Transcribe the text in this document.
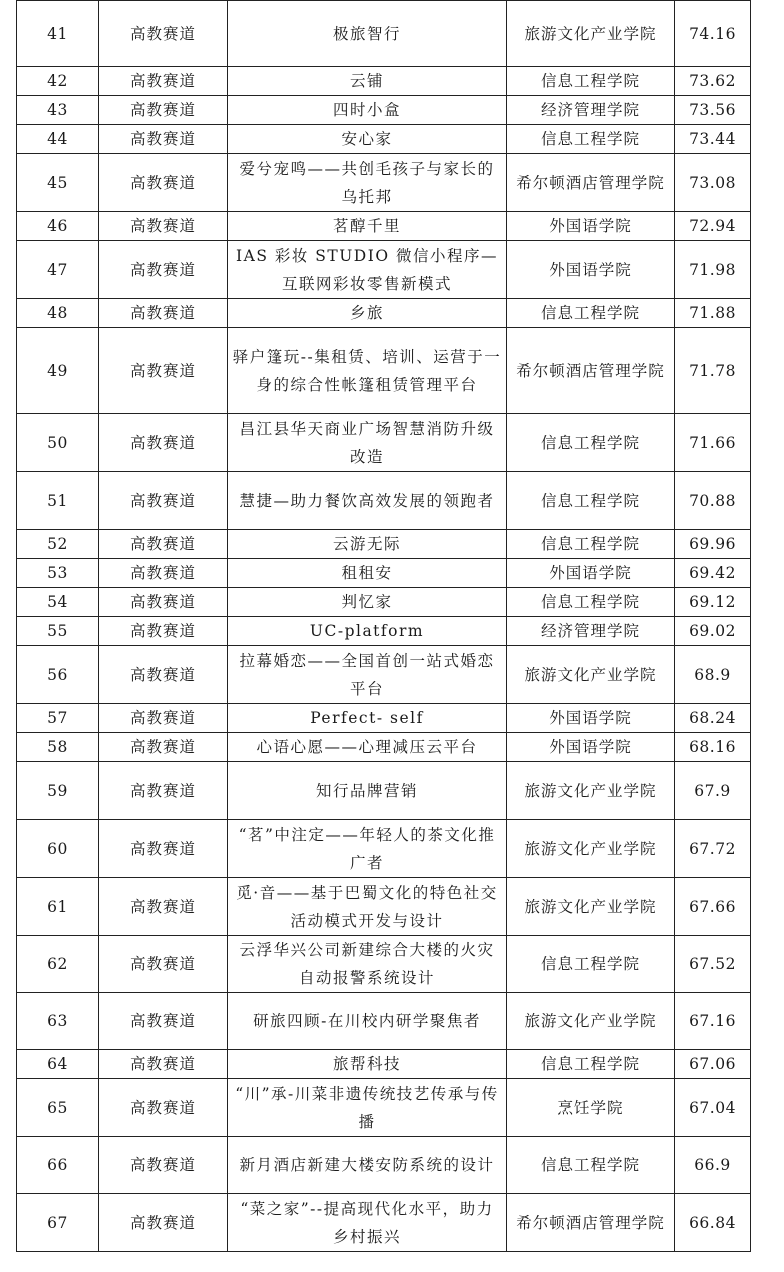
41	高教赛道	极旅智行	旅游文化产业学院	74.16
42	高教赛道	云铺	信息工程学院	73.62
43	高教赛道	四时小盒	经济管理学院	73.56
44	高教赛道	安心家	信息工程学院	73.44
45	高教赛道	爱兮宠鸣——共创毛孩子与家长的乌托邦	希尔顿酒店管理学院	73.08
46	高教赛道	茗醇千里	外国语学院	72.94
47	高教赛道	IAS 彩妆 STUDIO 微信小程序—互联网彩妆零售新模式	外国语学院	71.98
48	高教赛道	乡旅	信息工程学院	71.88
49	高教赛道	驿户篷玩--集租赁、培训、运营于一身的综合性帐篷租赁管理平台	希尔顿酒店管理学院	71.78
50	高教赛道	昌江县华天商业广场智慧消防升级改造	信息工程学院	71.66
51	高教赛道	慧捷—助力餐饮高效发展的领跑者	信息工程学院	70.88
52	高教赛道	云游无际	信息工程学院	69.96
53	高教赛道	租租安	外国语学院	69.42
54	高教赛道	判忆家	信息工程学院	69.12
55	高教赛道	UC-platform	经济管理学院	69.02
56	高教赛道	拉幕婚恋——全国首创一站式婚恋平台	旅游文化产业学院	68.9
57	高教赛道	Perfect- self	外国语学院	68.24
58	高教赛道	心语心愿——心理减压云平台	外国语学院	68.16
59	高教赛道	知行品牌营销	旅游文化产业学院	67.9
60	高教赛道	“茗”中注定——年轻人的茶文化推广者	旅游文化产业学院	67.72
61	高教赛道	觅·音——基于巴蜀文化的特色社交活动模式开发与设计	旅游文化产业学院	67.66
62	高教赛道	云浮华兴公司新建综合大楼的火灾自动报警系统设计	信息工程学院	67.52
63	高教赛道	研旅四顾-在川校内研学聚焦者	旅游文化产业学院	67.16
64	高教赛道	旅帮科技	信息工程学院	67.06
65	高教赛道	“川”承-川菜非遗传统技艺传承与传播	烹饪学院	67.04
66	高教赛道	新月酒店新建大楼安防系统的设计	信息工程学院	66.9
67	高教赛道	“菜之家”--提高现代化水平，助力乡村振兴	希尔顿酒店管理学院	66.84
